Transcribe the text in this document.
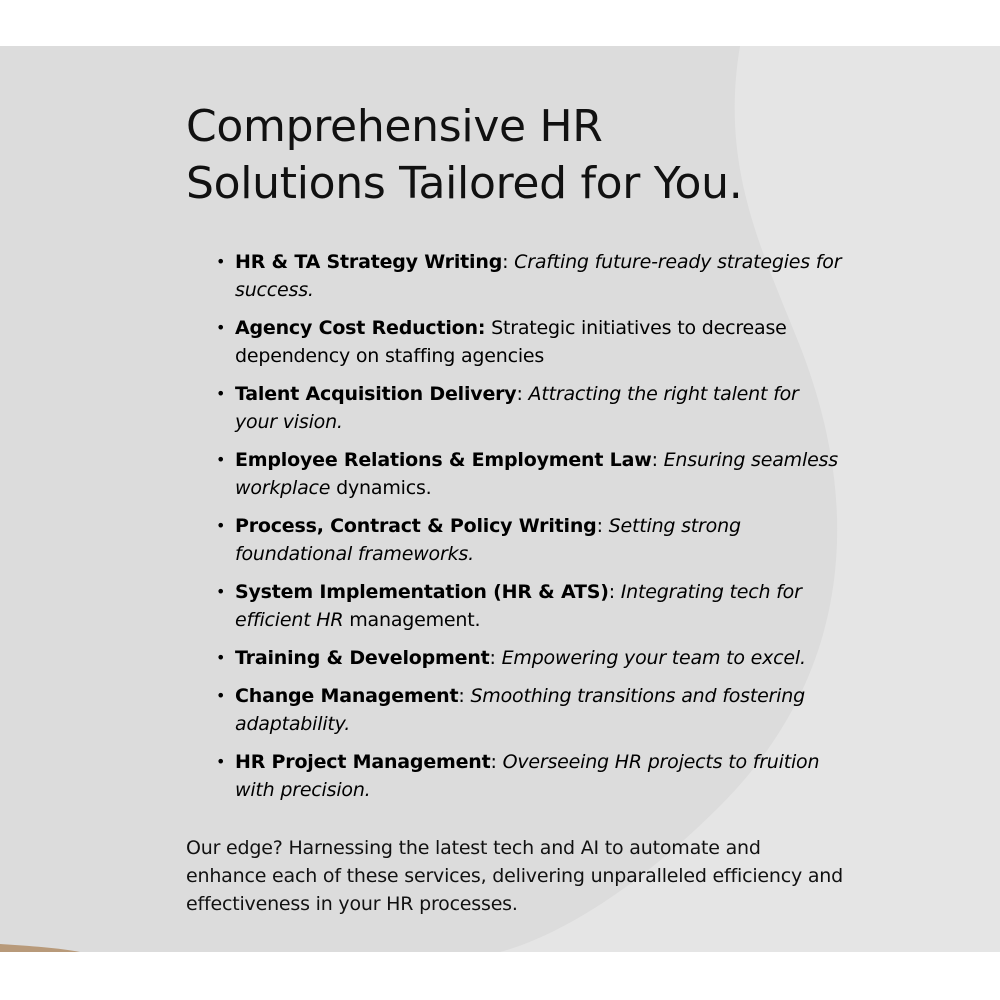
Comprehensive HR
Solutions Tailored for You.
• HR & TA Strategy Writing: Crafting future-ready strategies for success.
• Agency Cost Reduction: Strategic initiatives to decrease dependency on staffing agencies
• Talent Acquisition Delivery: Attracting the right talent for your vision.
• Employee Relations & Employment Law: Ensuring seamless workplace dynamics.
• Process, Contract & Policy Writing: Setting strong foundational frameworks.
• System Implementation (HR & ATS): Integrating tech for efficient HR management.
• Training & Development: Empowering your team to excel.
• Change Management: Smoothing transitions and fostering adaptability.
• HR Project Management: Overseeing HR projects to fruition with precision.

Our edge? Harnessing the latest tech and AI to automate and enhance each of these services, delivering unparalleled efficiency and effectiveness in your HR processes.
